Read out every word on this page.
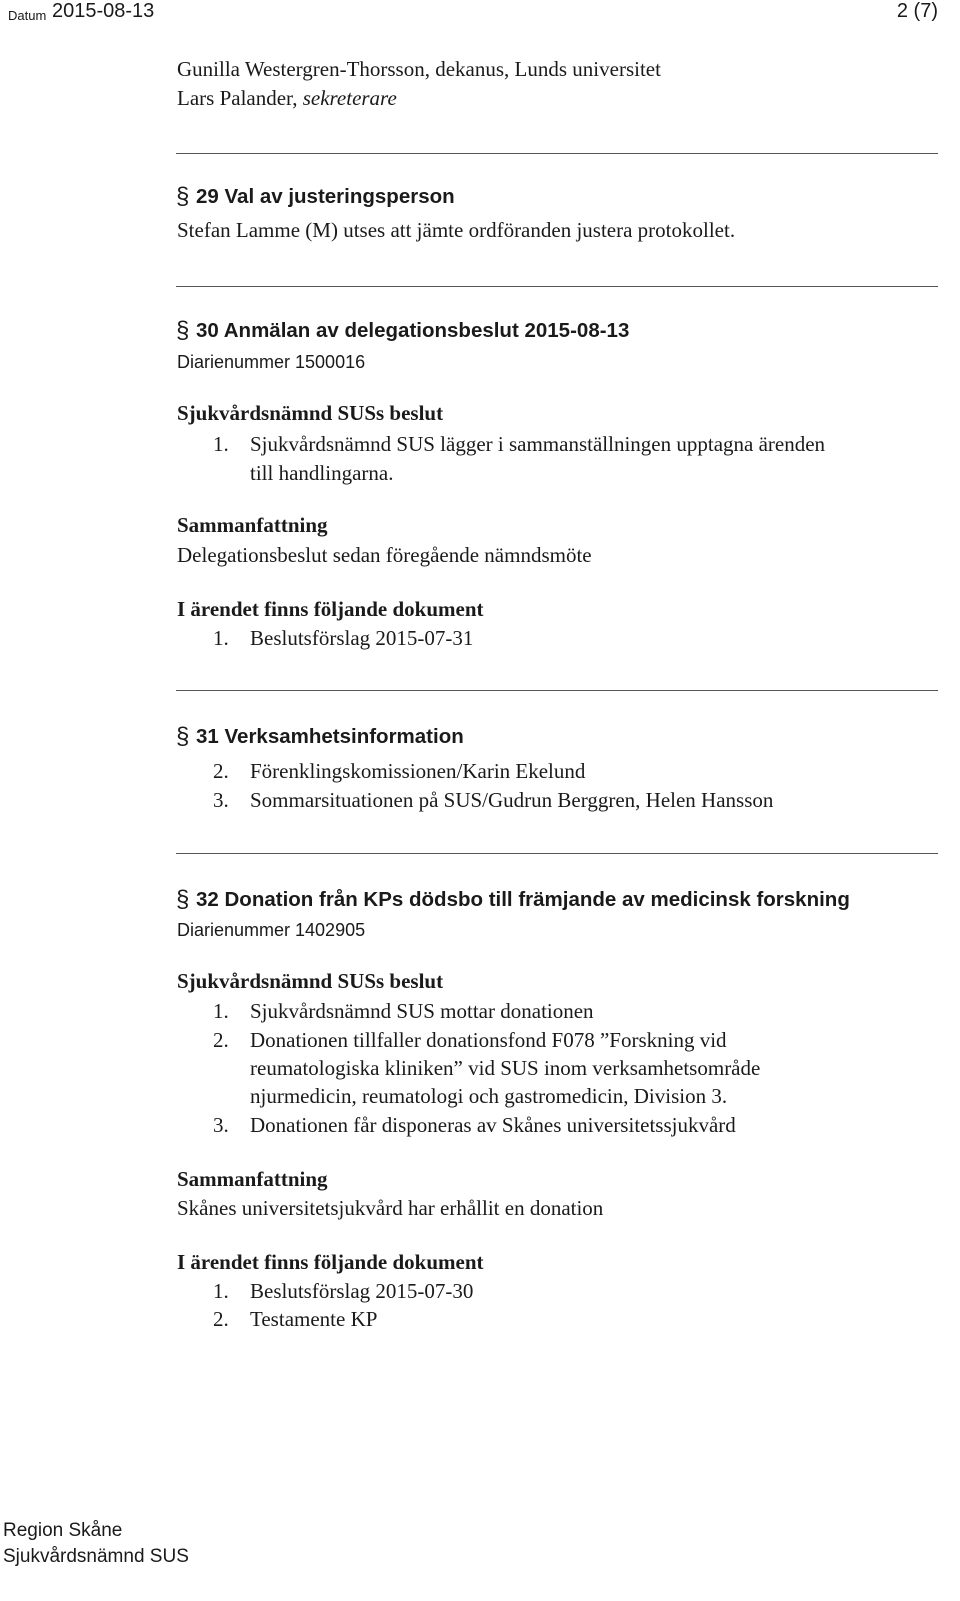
Datum 2015-08-13	2 (7)
Gunilla Westergren-Thorsson, dekanus, Lunds universitet
Lars Palander, sekreterare
§ 29 Val av justeringsperson
Stefan Lamme (M) utses att jämte ordföranden justera protokollet.
§ 30 Anmälan av delegationsbeslut 2015-08-13
Diarienummer 1500016
Sjukvårdsnämnd SUSs beslut
1. Sjukvårdsnämnd SUS lägger i sammanställningen upptagna ärenden
till handlingarna.
Sammanfattning
Delegationsbeslut sedan föregående nämndsmöte
I ärendet finns följande dokument
1. Beslutsförslag 2015-07-31
§ 31 Verksamhetsinformation
2. Förenklingskomissionen/Karin Ekelund
3. Sommarsituationen på SUS/Gudrun Berggren, Helen Hansson
§ 32 Donation från KPs dödsbo till främjande av medicinsk forskning
Diarienummer 1402905
Sjukvårdsnämnd SUSs beslut
1. Sjukvårdsnämnd SUS mottar donationen
2. Donationen tillfaller donationsfond F078 ”Forskning vid
reumatologiska kliniken” vid SUS inom verksamhetsområde
njurmedicin, reumatologi och gastromedicin, Division 3.
3. Donationen får disponeras av Skånes universitetssjukvård
Sammanfattning
Skånes universitetsjukvård har erhållit en donation
I ärendet finns följande dokument
1. Beslutsförslag 2015-07-30
2. Testamente KP
Region Skåne
Sjukvårdsnämnd SUS
